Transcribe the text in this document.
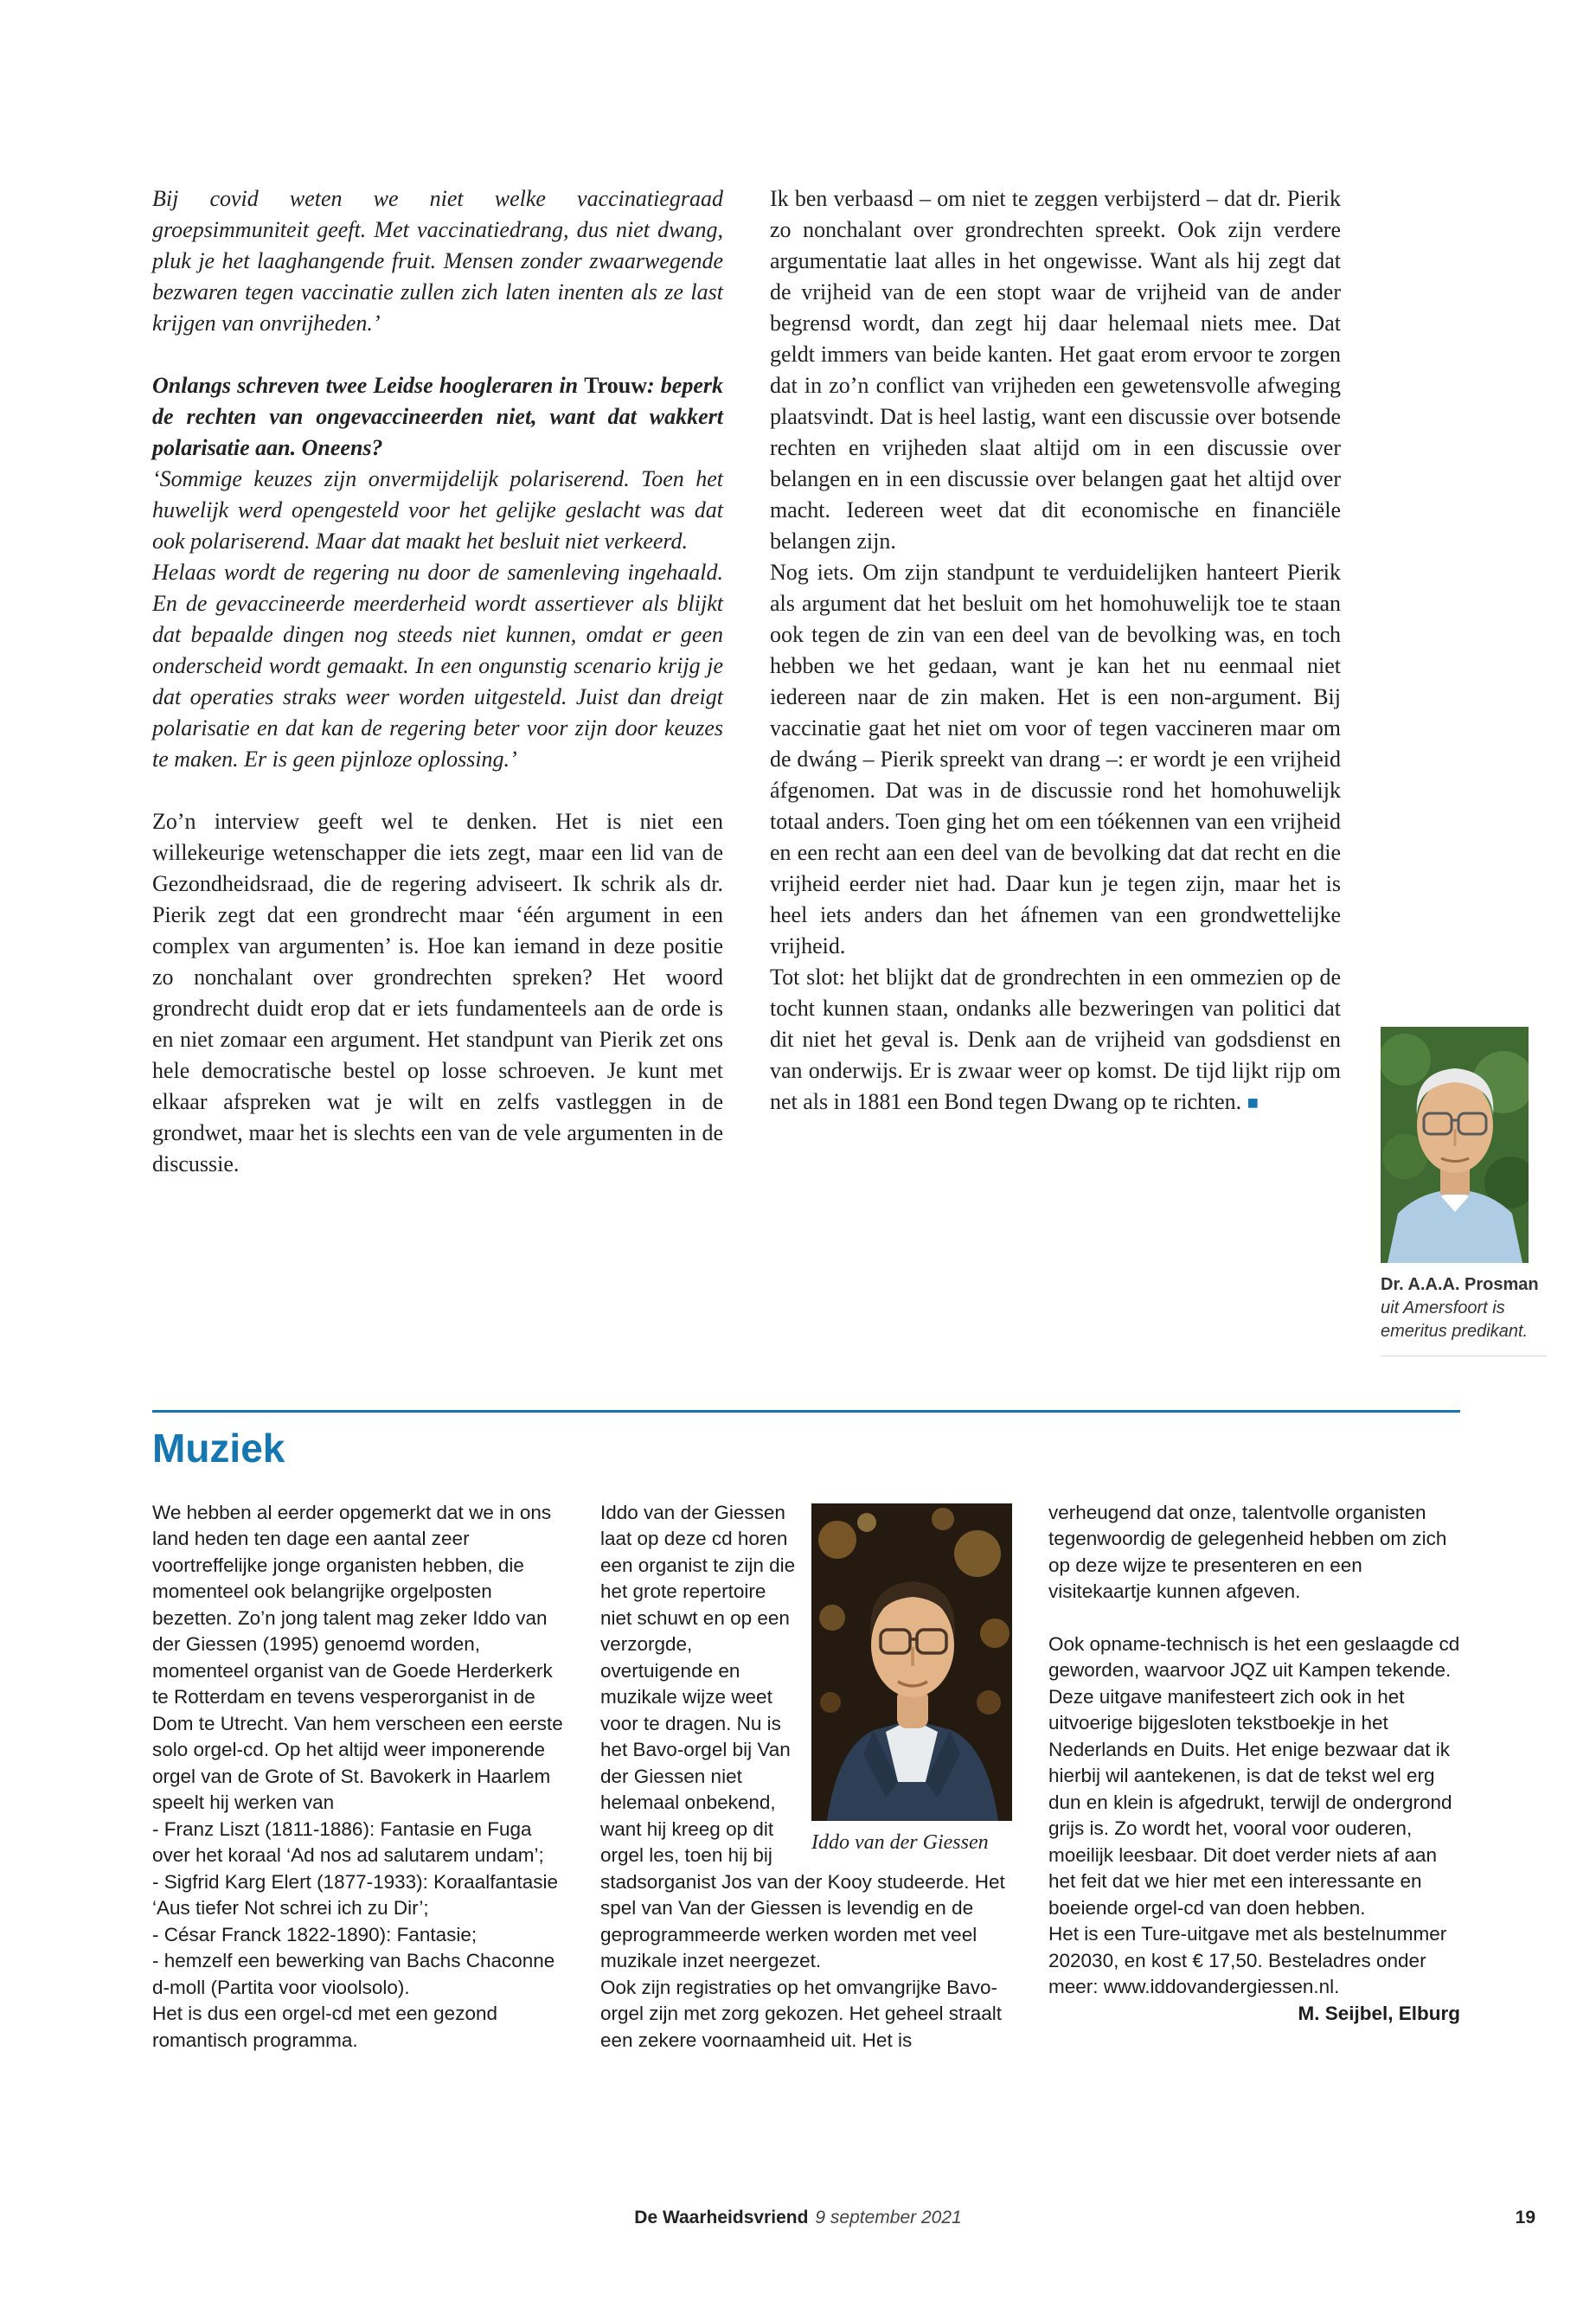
Bij covid weten we niet welke vaccinatiegraad groepsimmuniteit geeft. Met vaccinatiedrang, dus niet dwang, pluk je het laaghangende fruit. Mensen zonder zwaarwegende bezwaren tegen vaccinatie zullen zich laten inenten als ze last krijgen van onvrijheden.’

Onlangs schreven twee Leidse hoogleraren in Trouw: beperk de rechten van ongevaccineerden niet, want dat wakkert polarisatie aan. Oneens?

‘Sommige keuzes zijn onvermijdelijk polariserend. Toen het huwelijk werd opengesteld voor het gelijke geslacht was dat ook polariserend. Maar dat maakt het besluit niet verkeerd.

Helaas wordt de regering nu door de samenleving ingehaald. En de gevaccineerde meerderheid wordt assertiever als blijkt dat bepaalde dingen nog steeds niet kunnen, omdat er geen onderscheid wordt gemaakt. In een ongunstig scenario krijg je dat operaties straks weer worden uitgesteld. Juist dan dreigt polarisatie en dat kan de regering beter voor zijn door keuzes te maken. Er is geen pijnloze oplossing.’

Zo’n interview geeft wel te denken. Het is niet een willekeurige wetenschapper die iets zegt, maar een lid van de Gezondheidsraad, die de regering adviseert. Ik schrik als dr. Pierik zegt dat een grondrecht maar ‘één argument in een complex van argumenten’ is. Hoe kan iemand in deze positie zo nonchalant over grondrechten spreken? Het woord grondrecht duidt erop dat er iets fundamenteels aan de orde is en niet zomaar een argument. Het standpunt van Pierik zet ons hele democratische bestel op losse schroeven. Je kunt met elkaar afspreken wat je wilt en zelfs vastleggen in de grondwet, maar het is slechts een van de vele argumenten in de discussie.

Ik ben verbaasd – om niet te zeggen verbijsterd – dat dr. Pierik zo nonchalant over grondrechten spreekt. Ook zijn verdere argumentatie laat alles in het ongewisse. Want als hij zegt dat de vrijheid van de een stopt waar de vrijheid van de ander begrensd wordt, dan zegt hij daar helemaal niets mee. Dat geldt immers van beide kanten. Het gaat erom ervoor te zorgen dat in zo’n conflict van vrijheden een gewetensvolle afweging plaatsvindt. Dat is heel lastig, want een discussie over botsende rechten en vrijheden slaat altijd om in een discussie over belangen en in een discussie over belangen gaat het altijd over macht. Iedereen weet dat dit economische en financiële belangen zijn.

Nog iets. Om zijn standpunt te verduidelijken hanteert Pierik als argument dat het besluit om het homohuwelijk toe te staan ook tegen de zin van een deel van de bevolking was, en toch hebben we het gedaan, want je kan het nu eenmaal niet iedereen naar de zin maken. Het is een non-argument. Bij vaccinatie gaat het niet om voor of tegen vaccineren maar om de dwáng – Pierik spreekt van drang –: er wordt je een vrijheid áfgenomen. Dat was in de discussie rond het homohuwelijk totaal anders. Toen ging het om een tóékennen van een vrijheid en een recht aan een deel van de bevolking dat dat recht en die vrijheid eerder niet had. Daar kun je tegen zijn, maar het is heel iets anders dan het áfnemen van een grondwettelijke vrijheid.

Tot slot: het blijkt dat de grondrechten in een ommezien op de tocht kunnen staan, ondanks alle bezweringen van politici dat dit niet het geval is. Denk aan de vrijheid van godsdienst en van onderwijs. Er is zwaar weer op komst. De tijd lijkt rijp om net als in 1881 een Bond tegen Dwang op te richten. ■

Dr. A.A.A. Prosman
uit Amersfoort is emeritus predikant.
Muziek

We hebben al eerder opgemerkt dat we in ons land heden ten dage een aantal zeer voortreffelijke jonge organisten hebben, die momenteel ook belangrijke orgelposten bezetten. Zo’n jong talent mag zeker Iddo van der Giessen (1995) genoemd worden, momenteel organist van de Goede Herderkerk te Rotterdam en tevens vesperorganist in de Dom te Utrecht. Van hem verscheen een eerste solo orgel-cd. Op het altijd weer imponerende orgel van de Grote of St. Bavokerk in Haarlem speelt hij werken van

- Franz Liszt (1811-1886): Fantasie en Fuga over het koraal ‘Ad nos ad salutarem undam’;

- Sigfrid Karg Elert (1877-1933): Koraalfantasie ‘Aus tiefer Not schrei ich zu Dir’;

- César Franck 1822-1890): Fantasie;

- hemzelf een bewerking van Bachs Chaconne d-moll (Partita voor vioolsolo).

Het is dus een orgel-cd met een gezond romantisch programma.

Iddo van der Giessen

Iddo van der Giessen laat op deze cd horen een organist te zijn die het grote repertoire niet schuwt en op een verzorgde, overtuigende en muzikale wijze weet voor te dragen. Nu is het Bavo-orgel bij Van der Giessen niet helemaal onbekend, want hij kreeg op dit orgel les, toen hij bij stadsorganist Jos van der Kooy studeerde. Het spel van Van der Giessen is levendig en de geprogrammeerde werken worden met veel muzikale inzet neergezet.

Ook zijn registraties op het omvangrijke Bavo-orgel zijn met zorg gekozen. Het geheel straalt een zekere voornaamheid uit. Het is

verheugend dat onze, talentvolle organisten tegenwoordig de gelegenheid hebben om zich op deze wijze te presenteren en een visitekaartje kunnen afgeven.

Ook opname-technisch is het een geslaagde cd geworden, waarvoor JQZ uit Kampen tekende. Deze uitgave manifesteert zich ook in het uitvoerige bijgesloten tekstboekje in het Nederlands en Duits. Het enige bezwaar dat ik hierbij wil aantekenen, is dat de tekst wel erg dun en klein is afgedrukt, terwijl de ondergrond grijs is. Zo wordt het, vooral voor ouderen, moeilijk leesbaar. Dit doet verder niets af aan het feit dat we hier met een interessante en boeiende orgel-cd van doen hebben.

Het is een Ture-uitgave met als bestelnummer 202030, en kost € 17,50. Besteladres onder meer: www.iddovandergiessen.nl.

M. Seijbel, Elburg

De Waarheidsvriend 9 september 2021	19
